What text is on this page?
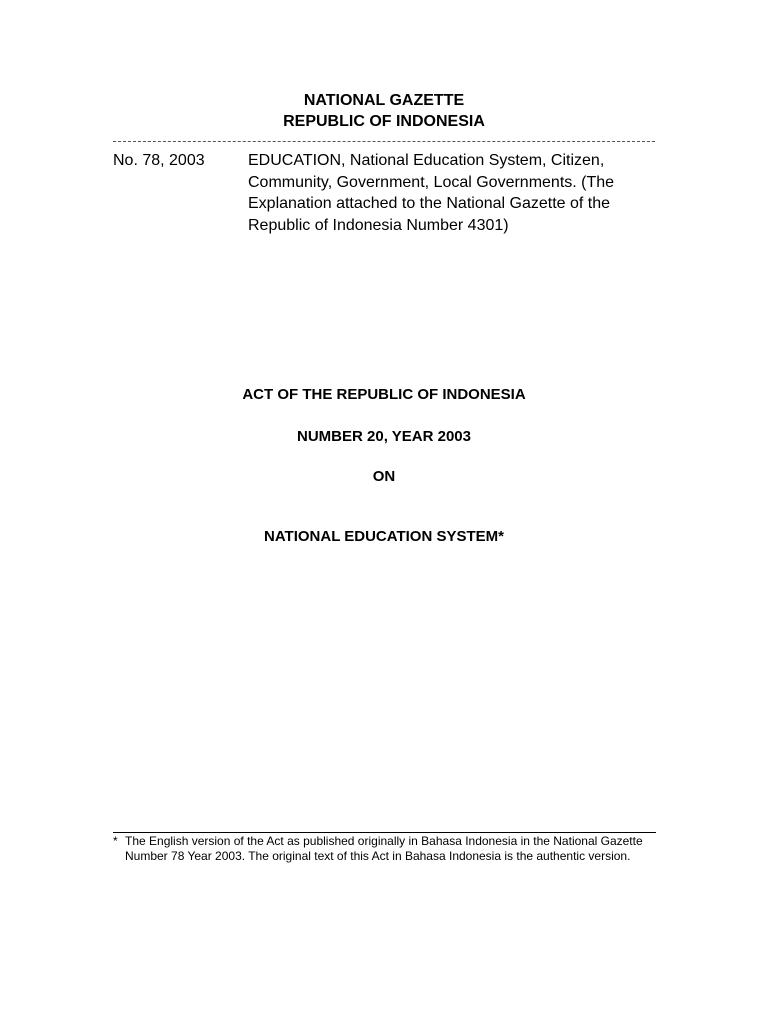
NATIONAL GAZETTE
REPUBLIC OF INDONESIA
No. 78, 2003	EDUCATION, National Education System, Citizen, Community, Government, Local Governments. (The Explanation attached to the National Gazette of the Republic of Indonesia Number 4301)
ACT OF THE REPUBLIC OF INDONESIA
NUMBER 20, YEAR 2003
ON
NATIONAL EDUCATION SYSTEM*
* The English version of the Act as published originally in Bahasa Indonesia in the National Gazette Number 78 Year 2003. The original text of this Act in Bahasa Indonesia is the authentic version.
